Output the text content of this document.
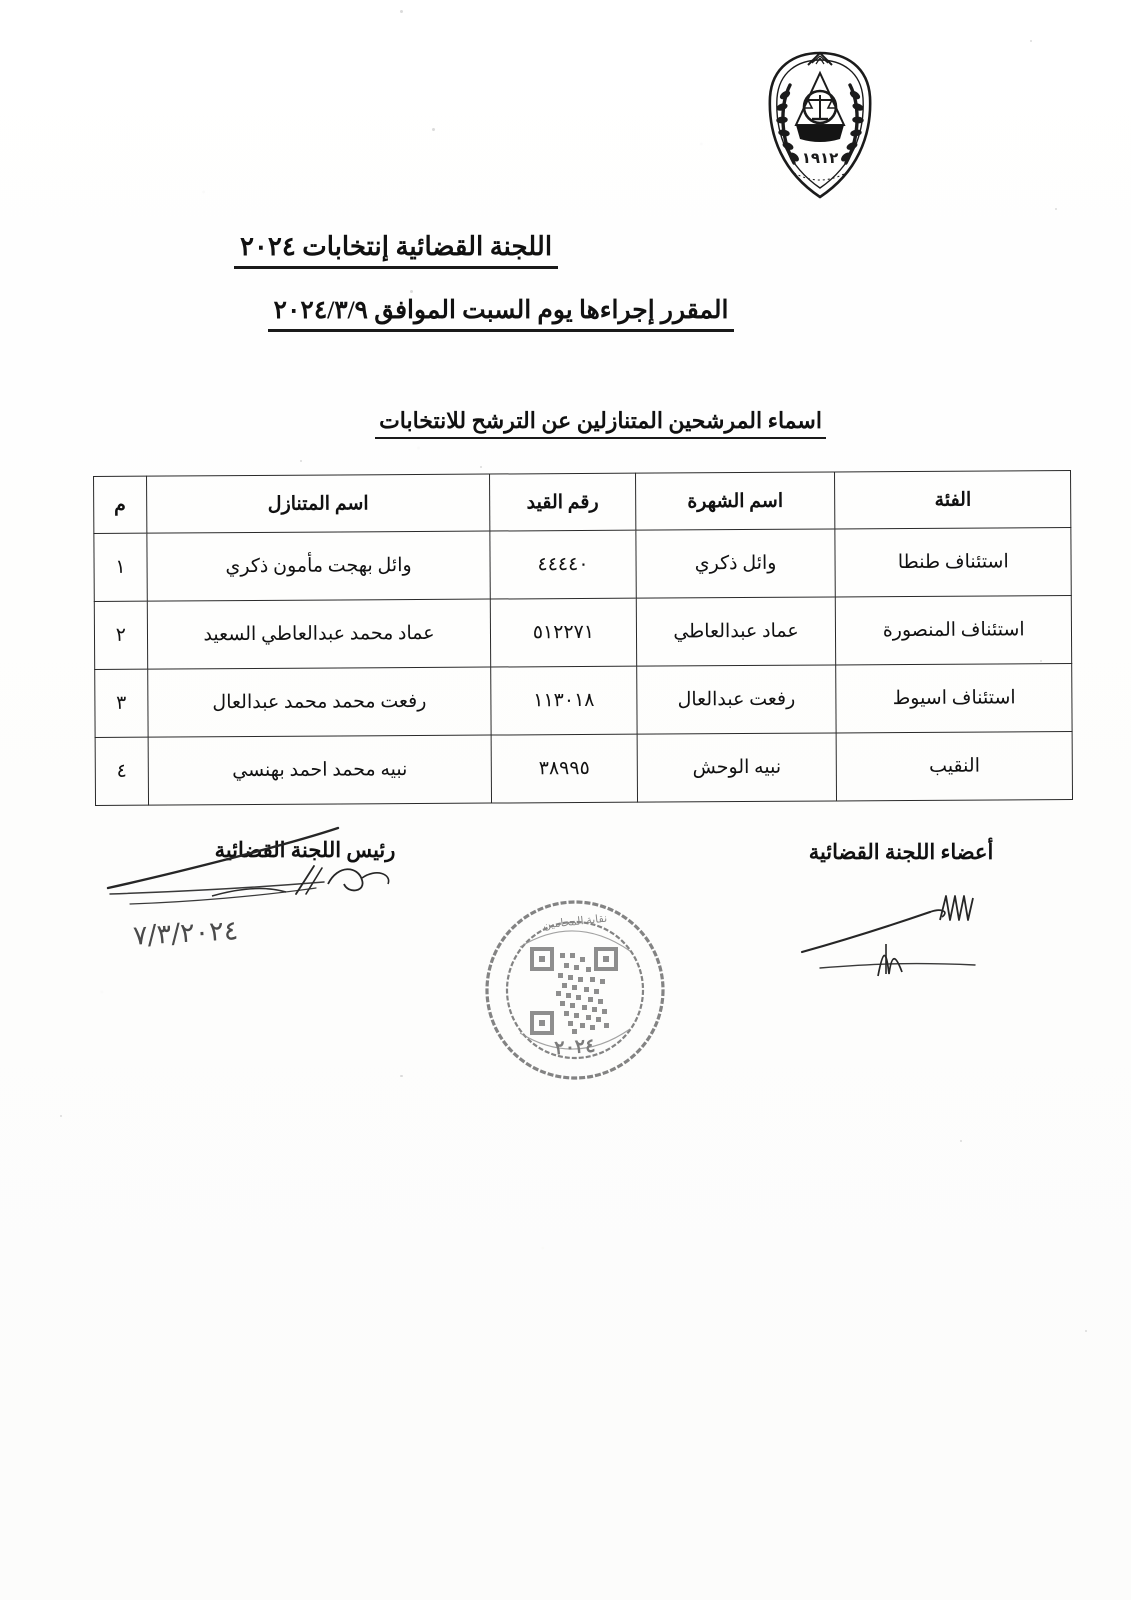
١٩١٢
اللجنة القضائية إنتخابات ٢٠٢٤
المقرر إجراءها يوم السبت الموافق ٢٠٢٤/٣/٩
اسماء المرشحين المتنازلين عن الترشح للانتخابات
الفئة	اسم الشهرة	رقم القيد	اسم المتنازل	م
استئناف طنطا	وائل ذكري	٤٤٤٤٠	وائل بهجت مأمون ذكري	١
استئناف المنصورة	عماد عبدالعاطي	٥١٢٢٧١	عماد محمد عبدالعاطي السعيد	٢
استئناف اسيوط	رفعت عبدالعال	١١٣٠١٨	رفعت محمد محمد عبدالعال	٣
النقيب	نبيه الوحش	٣٨٩٩٥	نبيه محمد احمد بهنسي	٤
أعضاء اللجنة القضائية
رئيس اللجنة القضائية
٧/٣/٢٠٢٤	نقابة المحامين
٢٠٢٤
